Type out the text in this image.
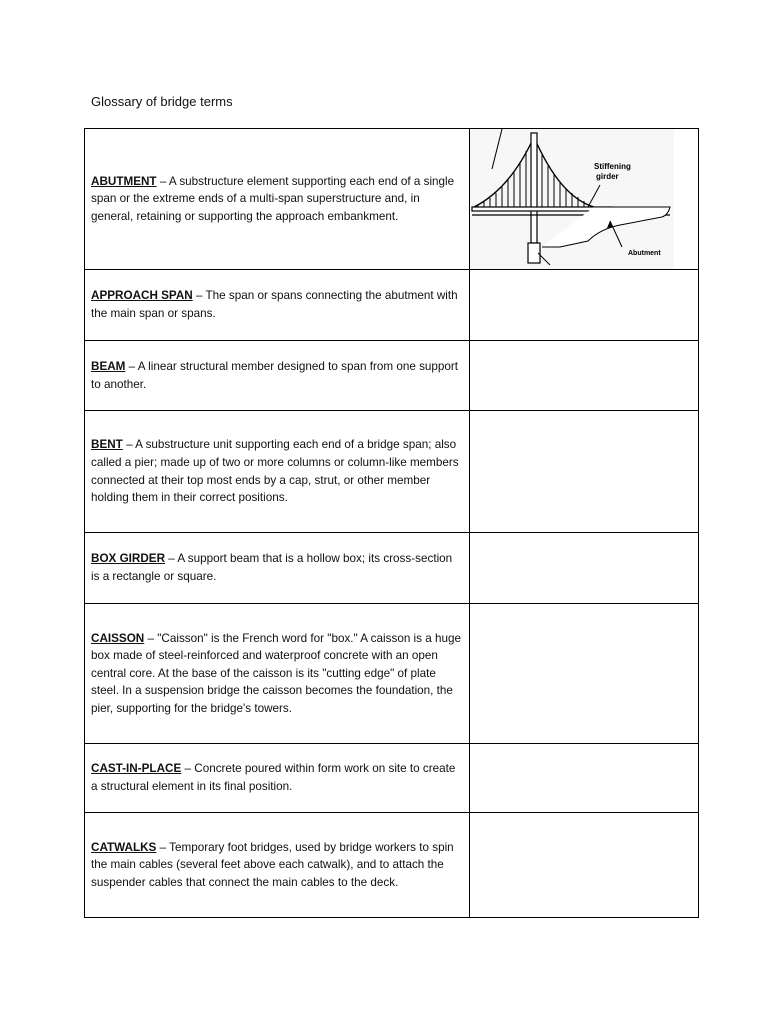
Glossary of bridge terms
ABUTMENT – A substructure element supporting each end of a single span or the extreme ends of a multi-span superstructure and, in general, retaining or supporting the approach embankment.	Stiffening
girder
Abutment

APPROACH SPAN – The span or spans connecting the abutment with the main span or spans.	
BEAM – A linear structural member designed to span from one support to another.	
BENT – A substructure unit supporting each end of a bridge span; also called a pier; made up of two or more columns or column-like members connected at their top most ends by a cap, strut, or other member holding them in their correct positions.	
BOX GIRDER – A support beam that is a hollow box; its cross-section is a rectangle or square.	
CAISSON – "Caisson" is the French word for "box." A caisson is a huge box made of steel-reinforced and waterproof concrete with an open central core. At the base of the caisson is its "cutting edge" of plate steel. In a suspension bridge the caisson becomes the foundation, the pier, supporting for the bridge's towers.	
CAST-IN-PLACE – Concrete poured within form work on site to create a structural element in its final position.	
CATWALKS – Temporary foot bridges, used by bridge workers to spin the main cables (several feet above each catwalk), and to attach the suspender cables that connect the main cables to the deck.	
